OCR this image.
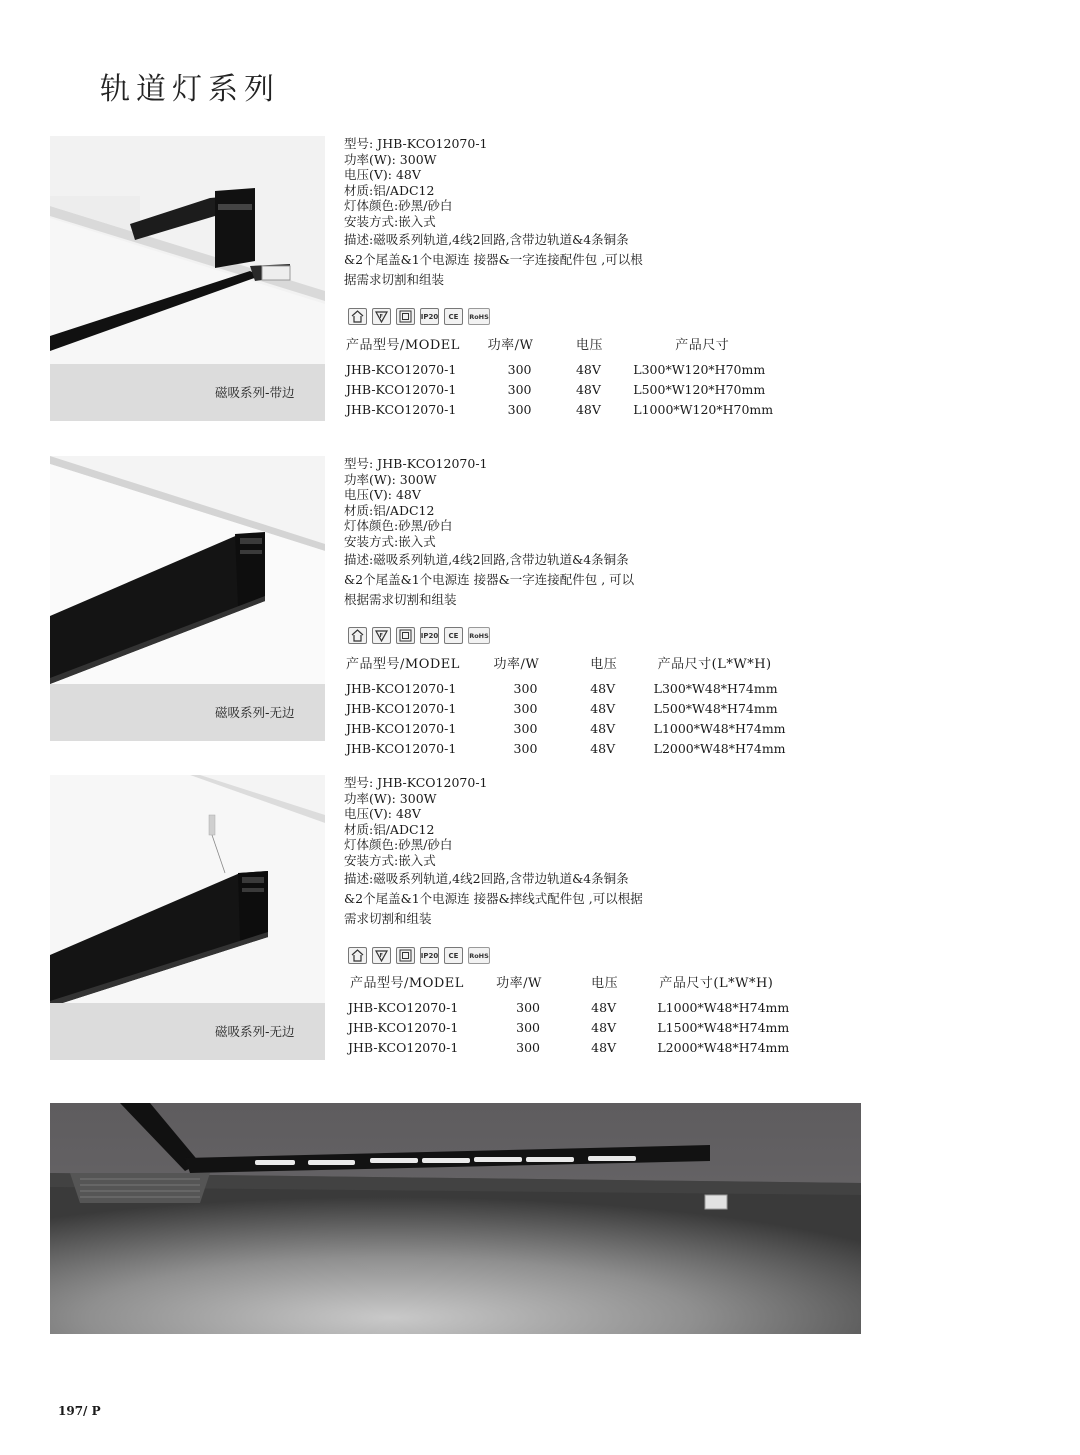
轨道灯系列
磁吸系列-带边
型号: JHB-KCO12070-1
功率(W): 300W
电压(V): 48V
材质:铝/ADC12
灯体颜色:砂黑/砂白
安装方式:嵌入式
描述:磁吸系列轨道,4线2回路,含带边轨道&4条铜条
&2个尾盖&1个电源连 接器&一字连接配件包 ,可以根
据需求切割和组装
F	IP20	CE	RoHS
产品型号/MODEL	功率/W	电压	产品尺寸
JHB-KCO12070-1	300	48V	L300*W120*H70mm
JHB-KCO12070-1	300	48V	L500*W120*H70mm
JHB-KCO12070-1	300	48V	L1000*W120*H70mm
磁吸系列-无边
型号: JHB-KCO12070-1
功率(W): 300W
电压(V): 48V
材质:铝/ADC12
灯体颜色:砂黑/砂白
安装方式:嵌入式
描述:磁吸系列轨道,4线2回路,含带边轨道&4条铜条
&2个尾盖&1个电源连 接器&一字连接配件包 , 可以
根据需求切割和组装
F	IP20	CE	RoHS
产品型号/MODEL	功率/W	电压	产品尺寸(L*W*H)
JHB-KCO12070-1	300	48V	L300*W48*H74mm
JHB-KCO12070-1	300	48V	L500*W48*H74mm
JHB-KCO12070-1	300	48V	L1000*W48*H74mm
JHB-KCO12070-1	300	48V	L2000*W48*H74mm
磁吸系列-无边
型号: JHB-KCO12070-1
功率(W): 300W
电压(V): 48V
材质:铝/ADC12
灯体颜色:砂黑/砂白
安装方式:嵌入式
描述:磁吸系列轨道,4线2回路,含带边轨道&4条铜条
&2个尾盖&1个电源连 接器&摔线式配件包 ,可以根据
需求切割和组装
F	IP20	CE	RoHS
产品型号/MODEL	功率/W	电压	产品尺寸(L*W*H)
JHB-KCO12070-1	300	48V	L1000*W48*H74mm
JHB-KCO12070-1	300	48V	L1500*W48*H74mm
JHB-KCO12070-1	300	48V	L2000*W48*H74mm
197/ P
